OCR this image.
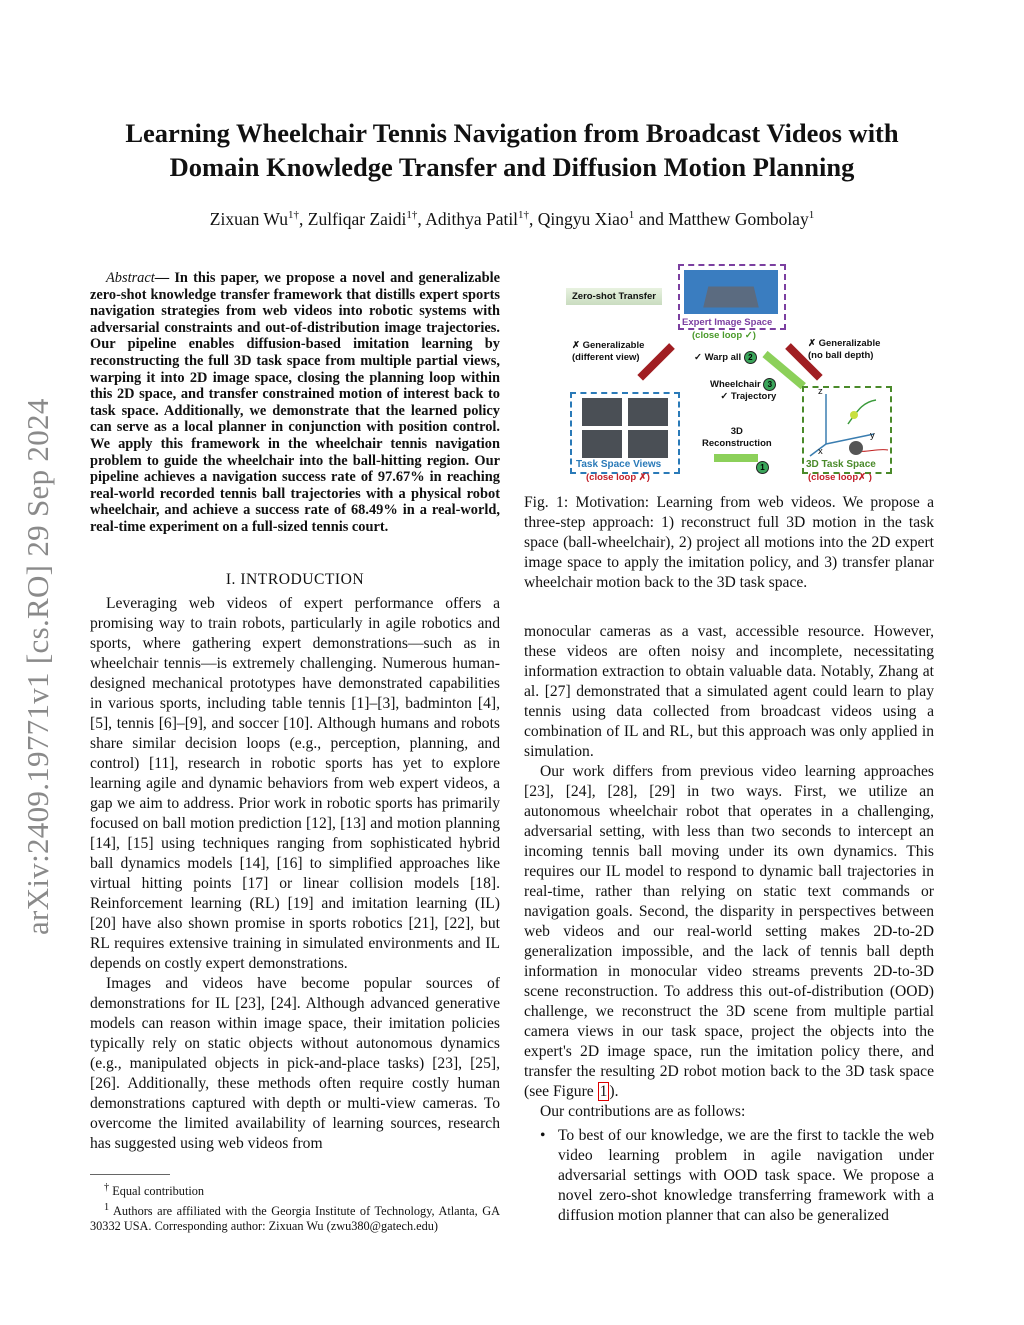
arXiv:2409.19771v1 [cs.RO] 29 Sep 2024
Learning Wheelchair Tennis Navigation from Broadcast Videos with
Domain Knowledge Transfer and Diffusion Motion Planning
Zixuan $Wu^{1\dagger}$, Zulfiqar Zaidi$^{1\dagger}$, Adithya Patil$^{1\dagger}$, Qingyu Xiao$^1$ and Matthew Gombolay$^1$

Abstract— In this paper, we propose a novel and generalizable zero-shot knowledge transfer framework that distills expert sports navigation strategies from web videos into robotic systems with adversarial constraints and out-of-distribution image trajectories. Our pipeline enables diffusion-based imitation learning by reconstructing the full 3D task space from multiple partial views, warping it into 2D image space, closing the planning loop within this 2D space, and transfer constrained motion of interest back to task space. Additionally, we demonstrate that the learned policy can serve as a local planner in conjunction with position control. We apply this framework in the wheelchair tennis navigation problem to guide the wheelchair into the ball-hitting region. Our pipeline achieves a navigation success rate of 97.67% in reaching real-world recorded tennis ball trajectories with a physical robot wheelchair, and achieve a success rate of 68.49% in a real-world, real-time experiment on a full-sized tennis court.

I. INTRODUCTION

Leveraging web videos of expert performance offers a promising way to train robots, particularly in agile robotics and sports, where gathering expert demonstrations—such as in wheelchair tennis—is extremely challenging. Numerous human-designed mechanical prototypes have demonstrated capabilities in various sports, including table tennis [1]–[3], badminton [4], [5], tennis [6]–[9], and soccer [10]. Although humans and robots share similar decision loops (e.g., perception, planning, and control) [11], research in robotic sports has yet to explore learning agile and dynamic behaviors from web expert videos, a gap we aim to address. Prior work in robotic sports has primarily focused on ball motion prediction [12], [13] and motion planning [14], [15] using techniques ranging from sophisticated hybrid ball dynamics models [14], [16] to simplified approaches like virtual hitting points [17] or linear collision models [18]. Reinforcement learning (RL) [19] and imitation learning (IL) [20] have also shown promise in sports robotics [21], [22], but RL requires extensive training in simulated environments and IL depends on costly expert demonstrations.

Images and videos have become popular sources of demonstrations for IL [23], [24]. Although advanced generative models can reason within image space, their imitation policies typically rely on static objects without autonomous dynamics (e.g., manipulated objects in pick-and-place tasks) [23], [25], [26]. Additionally, these methods often require costly human demonstrations captured with depth or multi-view cameras. To overcome the limited availability of learning sources, research has suggested using web videos from

† Equal contribution
$^1$ Authors are affiliated with the Georgia Institute of Technology, Atlanta, GA 30332 USA. Corresponding author: Zixuan Wu (zwu380@gatech.edu)
Zero-shot Transfer
Expert Image Space
(close loop ✓)
✗ Generalizable
(different view)
✗ Generalizable
(no ball depth)
✓ Warp all 2
Wheelchair 3
✓ Trajectory
Task Space Views
(close loop ✗)
3D
Reconstruction
1
z
y
x
3D Task Space
(close loop✗ )
Fig. 1: Motivation: Learning from web videos. We propose a three-step approach: 1) reconstruct full 3D motion in the task space (ball-wheelchair), 2) project all motions into the 2D expert image space to apply the imitation policy, and 3) transfer planar wheelchair motion back to the 3D task space.

monocular cameras as a vast, accessible resource. However, these videos are often noisy and incomplete, necessitating information extraction to obtain valuable data. Notably, Zhang at al. [27] demonstrated that a simulated agent could learn to play tennis using data collected from broadcast videos using a combination of IL and RL, but this approach was only applied in simulation.

Our work differs from previous video learning approaches [23], [24], [28], [29] in two ways. First, we utilize an autonomous wheelchair robot that operates in a challenging, adversarial setting, with less than two seconds to intercept an incoming tennis ball moving under its own dynamics. This requires our IL model to respond to dynamic ball trajectories in real-time, rather than relying on static text commands or navigation goals. Second, the disparity in perspectives between web videos and our real-world setting makes 2D-to-2D generalization impossible, and the lack of tennis ball depth information in monocular video streams prevents 2D-to-3D scene reconstruction. To address this out-of-distribution (OOD) challenge, we reconstruct the 3D scene from multiple partial camera views in our task space, project the objects into the expert's 2D image space, run the imitation policy there, and transfer the resulting 2D robot motion back to the 3D task space (see Figure 1 ).

Our contributions are as follows:

• To best of our knowledge, we are the first to tackle the web video learning problem in agile navigation under adversarial settings with OOD task space. We propose a novel zero-shot knowledge transferring framework with a diffusion motion planner that can also be generalized
